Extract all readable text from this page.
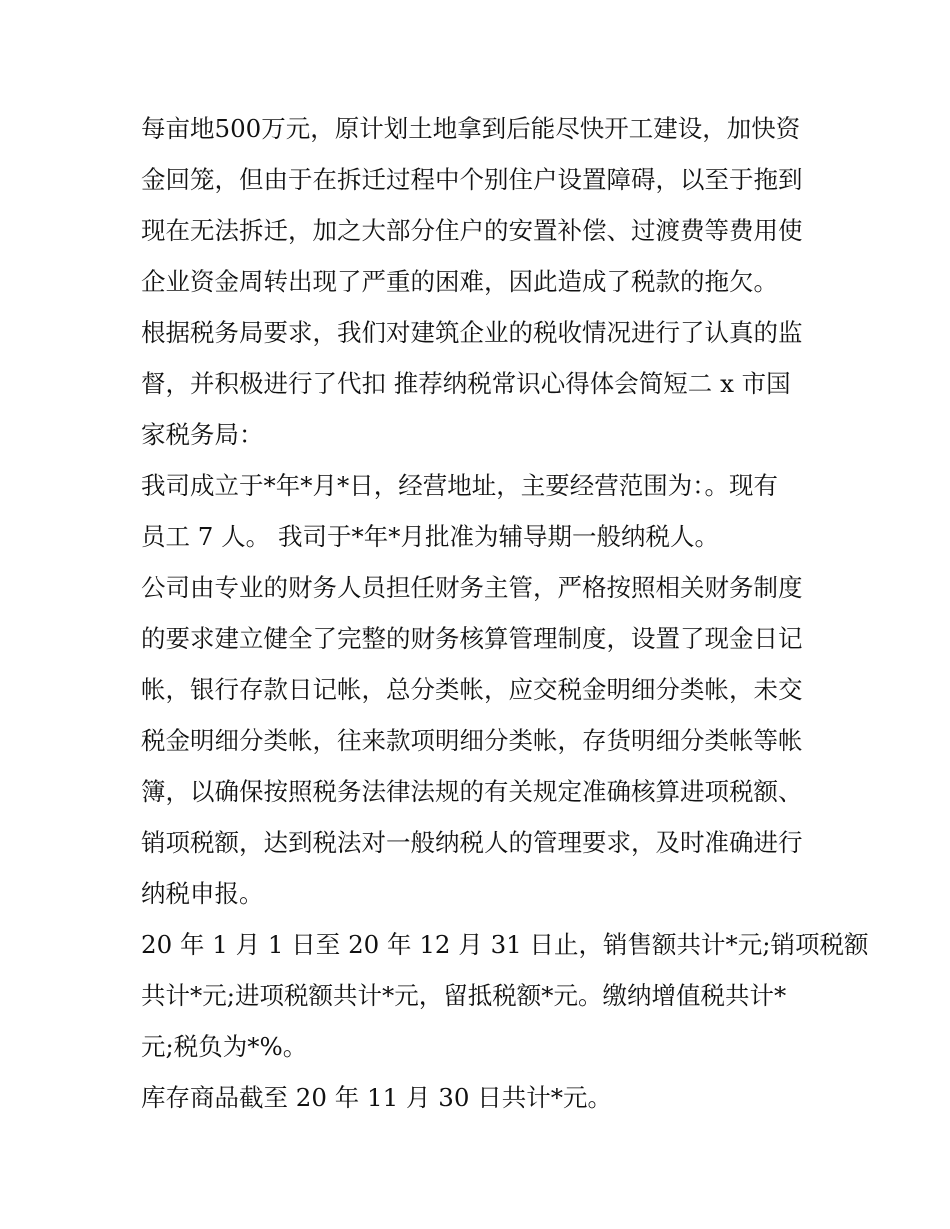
每亩地500万元，原计划土地拿到后能尽快开工建设，加快资
金回笼，但由于在拆迁过程中个别住户设置障碍，以至于拖到
现在无法拆迁，加之大部分住户的安置补偿、过渡费等费用使
企业资金周转出现了严重的困难，因此造成了税款的拖欠。
根据税务局要求，我们对建筑企业的税收情况进行了认真的监
督，并积极进行了代扣 推荐纳税常识心得体会简短二 x 市国
家税务局：
我司成立于*年*月*日，经营地址，主要经营范围为：。现有
员工 7 人。 我司于*年*月批准为辅导期一般纳税人。
公司由专业的财务人员担任财务主管，严格按照相关财务制度
的要求建立健全了完整的财务核算管理制度，设置了现金日记
帐，银行存款日记帐，总分类帐，应交税金明细分类帐，未交
税金明细分类帐，往来款项明细分类帐，存货明细分类帐等帐
簿，以确保按照税务法律法规的有关规定准确核算进项税额、
销项税额，达到税法对一般纳税人的管理要求，及时准确进行
纳税申报。
20 年 1 月 1 日至 20 年 12 月 31 日止，销售额共计*元;销项税额
共计*元;进项税额共计*元，留抵税额*元。缴纳增值税共计*
元;税负为*%。
库存商品截至 20 年 11 月 30 日共计*元。
